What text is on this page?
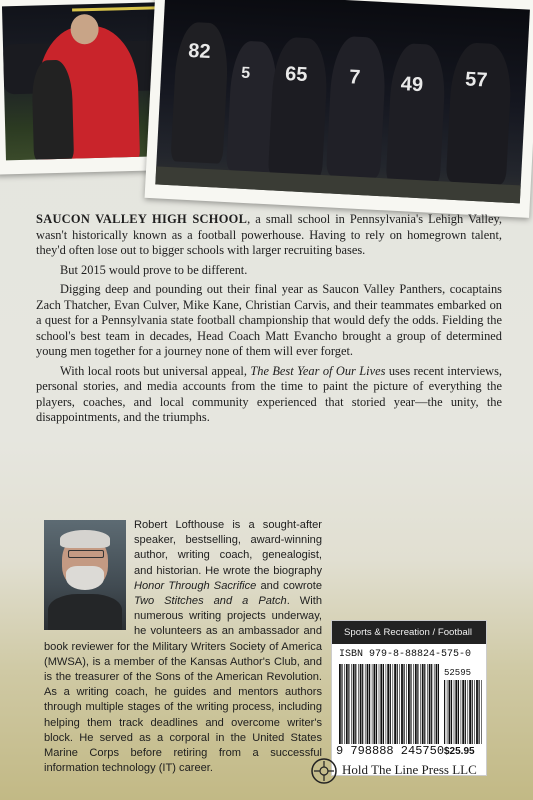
82
65 7 49 57
5

SAUCON VALLEY HIGH SCHOOL, a small school in Pennsylvania's Lehigh Valley, wasn't historically known as a football powerhouse. Having to rely on homegrown talent, they'd often lose out to bigger schools with larger recruiting bases.

But 2015 would prove to be different.

Digging deep and pounding out their final year as Saucon Valley Panthers, cocaptains Zach Thatcher, Evan Culver, Mike Kane, Christian Carvis, and their teammates embarked on a quest for a Pennsylvania state football championship that would defy the odds. Fielding the school's best team in decades, Head Coach Matt Evancho brought a group of determined young men together for a journey none of them will ever forget.

With local roots but universal appeal, The Best Year of Our Lives uses recent interviews, personal stories, and media accounts from the time to paint the picture of everything the players, coaches, and local community experienced that storied year—the unity, the disappointments, and the triumphs.

Robert Lofthouse is a sought-after speaker, bestselling, award-winning author, writing coach, genealogist, and historian. He wrote the biography Honor Through Sacrifice and cowrote Two Stitches and a Patch. With numerous writing projects underway, he volunteers as an ambassador and book reviewer for the Military Writers Society of America (MWSA), is a member of the Kansas Author's Club, and is the treasurer of the Sons of the American Revolution. As a writing coach, he guides and mentors authors through multiple stages of the writing process, including helping them track deadlines and overcome writer's block. He served as a corporal in the United States Marine Corps before retiring from a successful information technology (IT) career.
Sports & Recreation / Football
ISBN 979-8-88824-575-0
9 798888 245750
52595
$25.95
Hold The Line Press LLC
